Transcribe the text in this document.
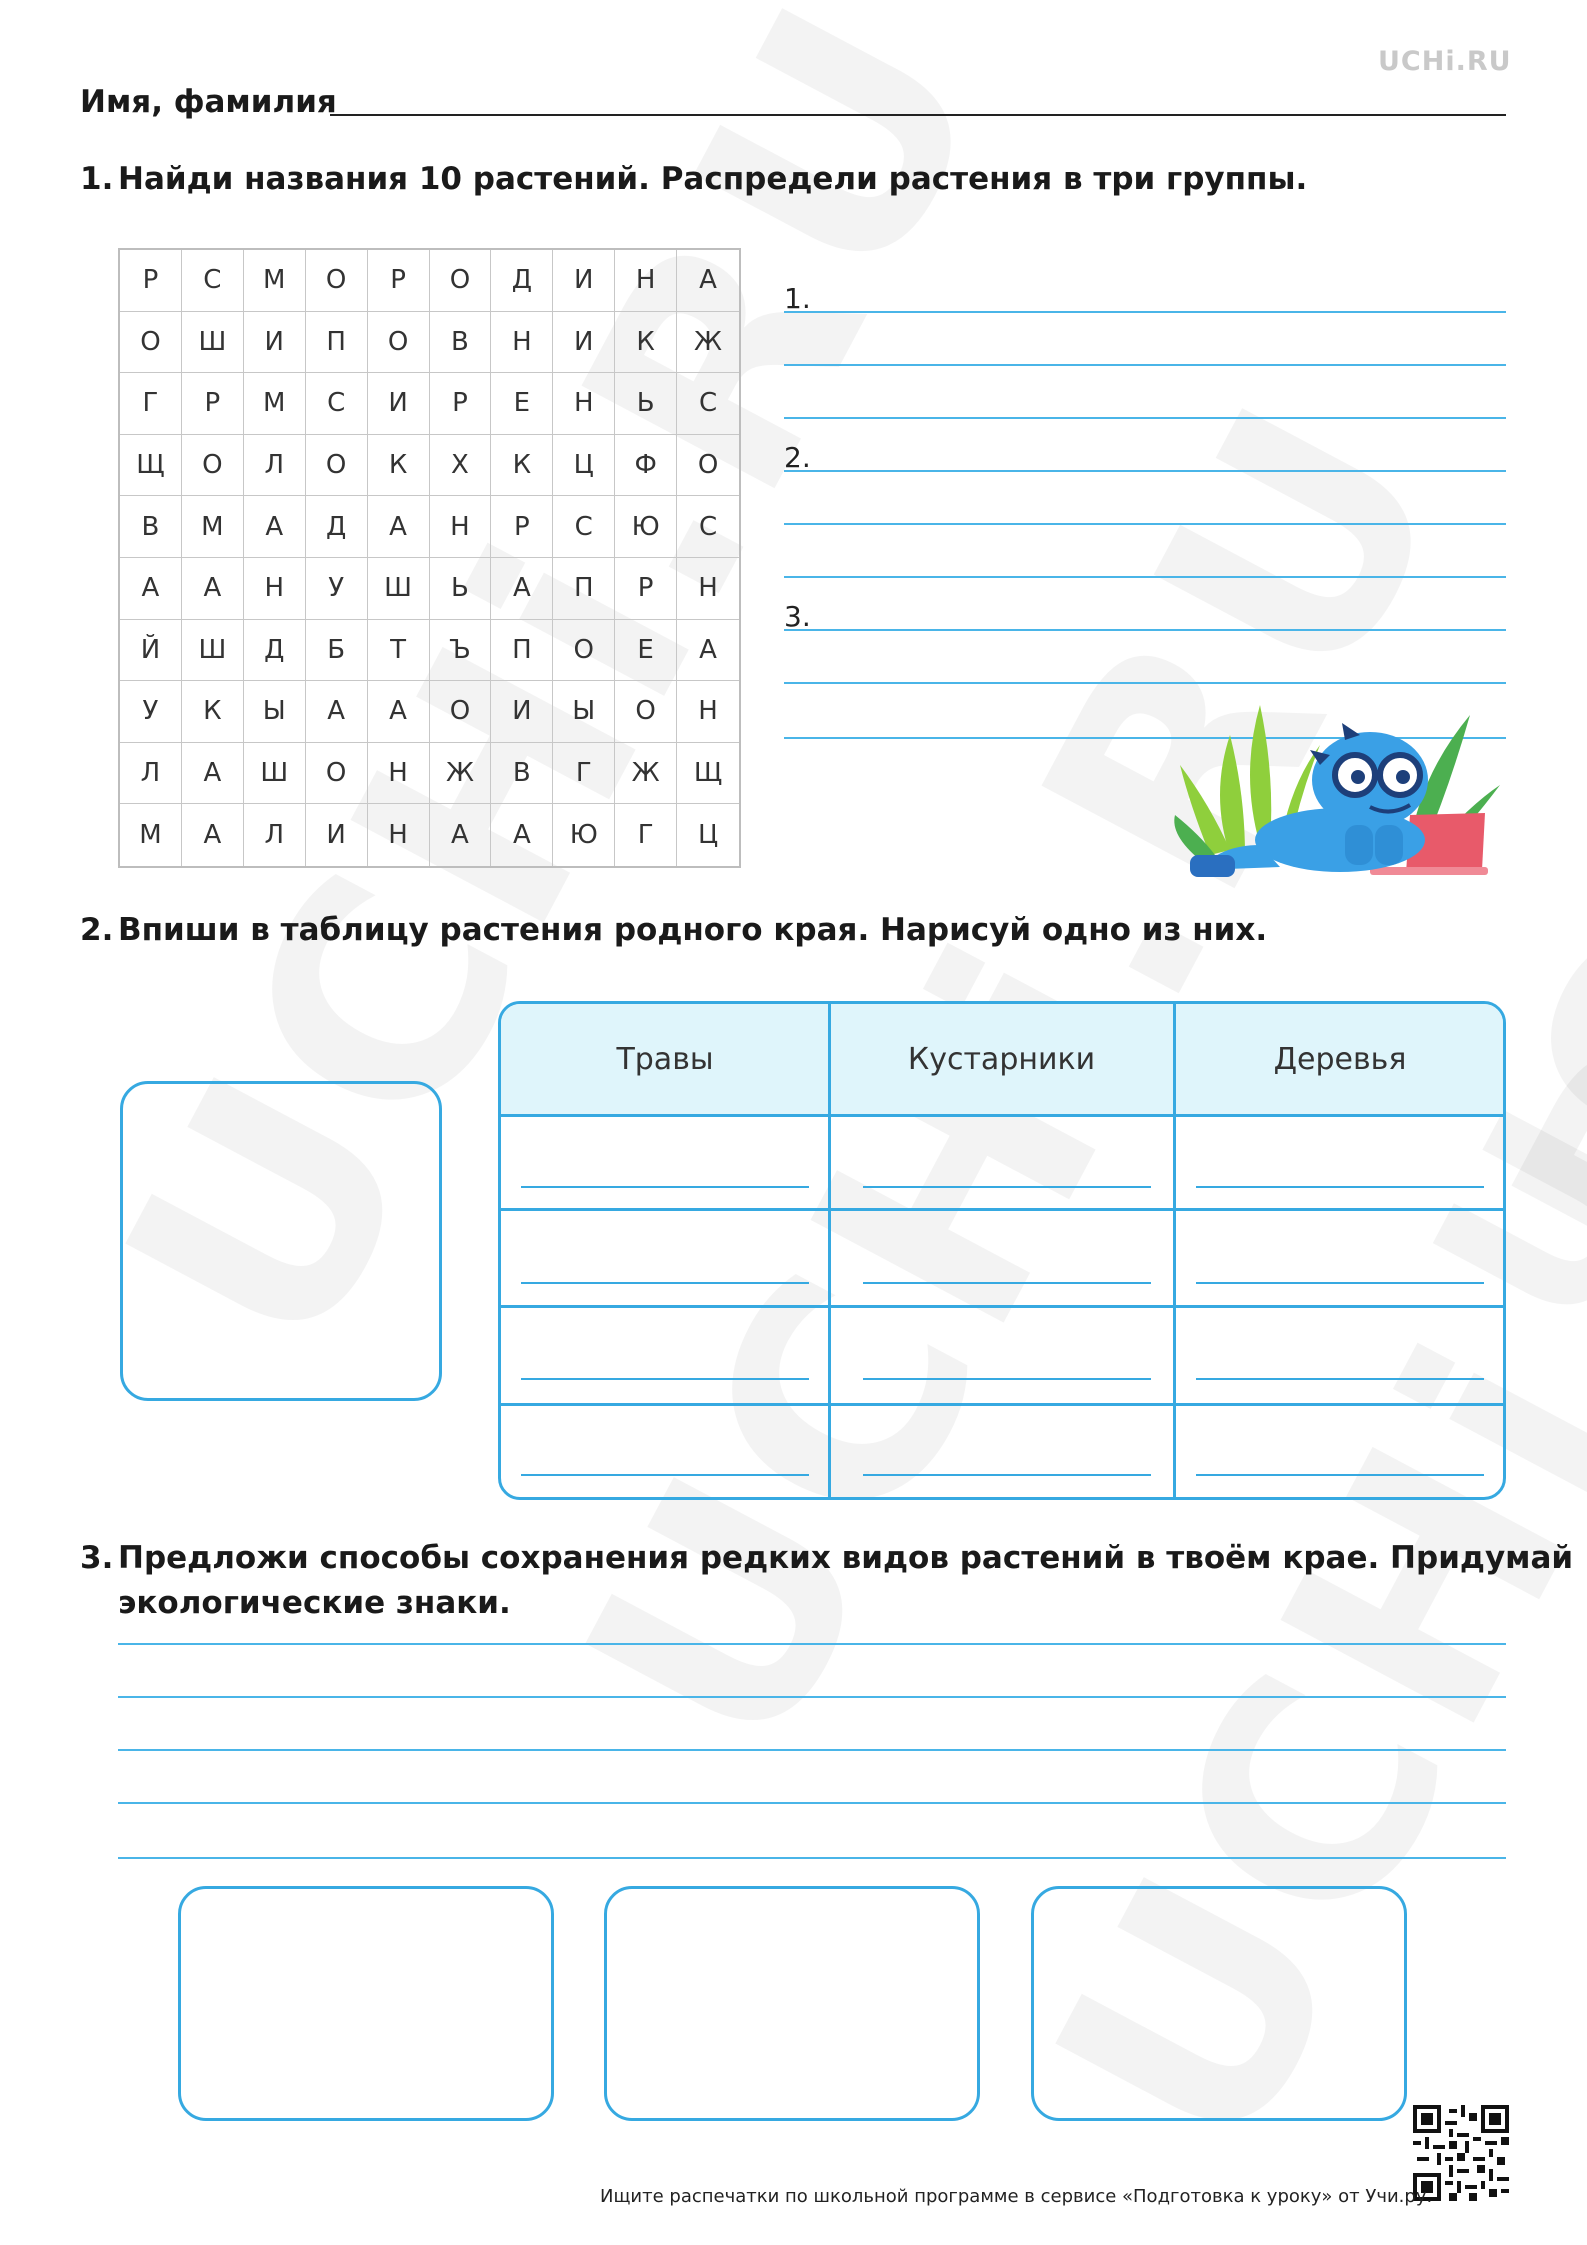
UCHi.RU
Имя, фамилия
1. Найди названия 10 растений. Распредели растения в три группы.
Р	С	М	О	Р	О	Д	И	Н	А
О	Ш	И	П	О	В	Н	И	К	Ж
Г	Р	М	С	И	Р	Е	Н	Ь	С
Щ	О	Л	О	К	Х	К	Ц	Ф	О
В	М	А	Д	А	Н	Р	С	Ю	С
А	А	Н	У	Ш	Ь	А	П	Р	Н
Й	Ш	Д	Б	Т	Ъ	П	О	Е	А
У	К	Ы	А	А	О	И	Ы	О	Н
Л	А	Ш	О	Н	Ж	В	Г	Ж	Щ
М	А	Л	И	Н	А	А	Ю	Г	Ц
1.
2.
3.
2. Впиши в таблицу растения родного края. Нарисуй одно из них.
Травы	Кустарники	Деревья
3. Предложи способы сохранения редких видов растений в твоём крае. Придумай
экологические знаки.
Ищите распечатки по школьной программе в сервисе «Подготовка к уроку» от Учи.ру.
